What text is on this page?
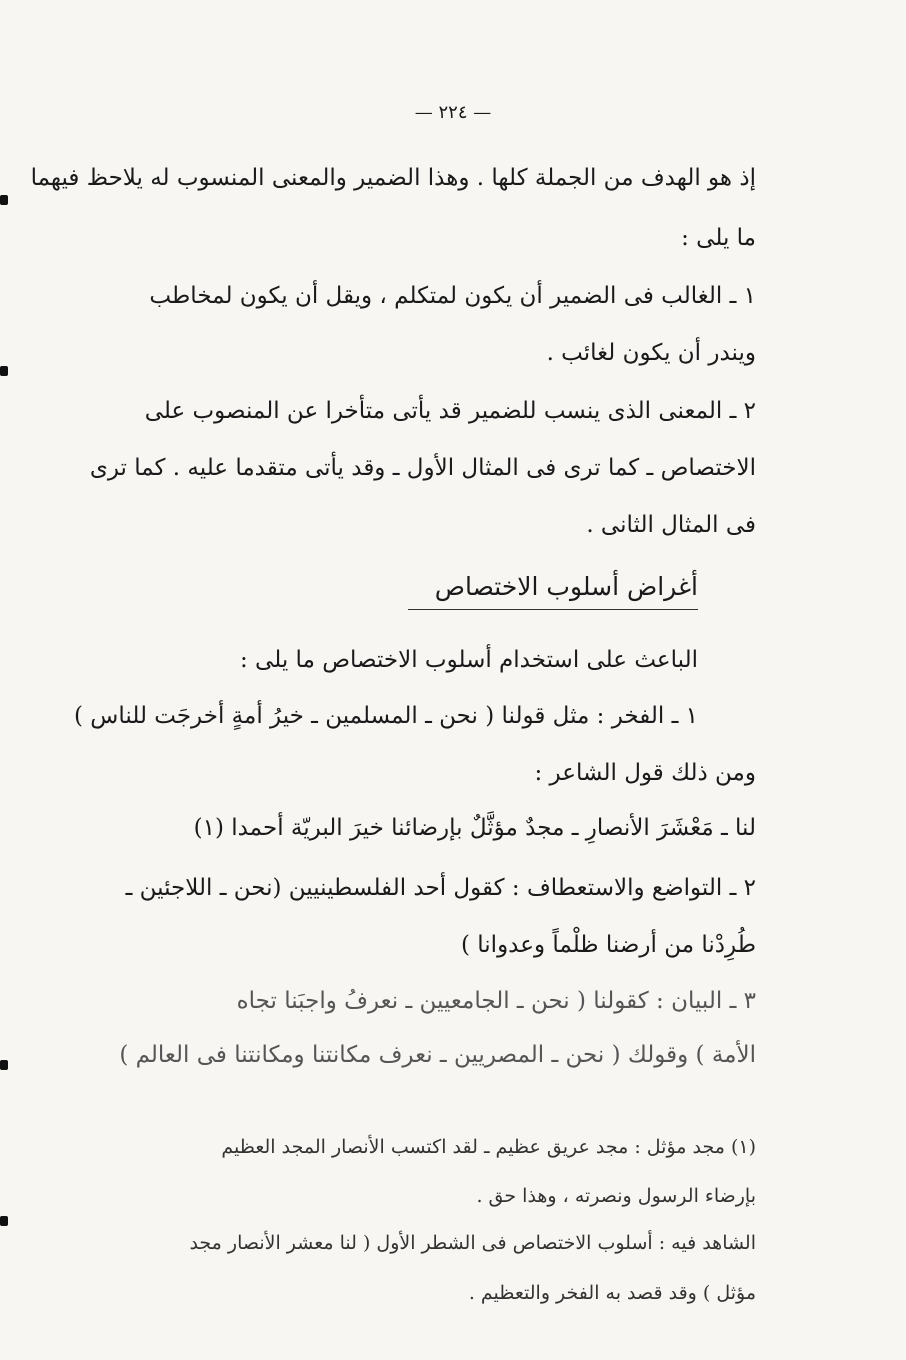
— ٢٢٤ —
إذ هو الهدف من الجملة كلها . وهذا الضمير والمعنى المنسوب له يلاحظ فيهما
ما يلى :
١ ـ الغالب فى الضمير أن يكون لمتكلم ، ويقل أن يكون لمخاطب
ويندر أن يكون لغائب .
٢ ـ المعنى الذى ينسب للضمير قد يأتى متأخرا عن المنصوب على
الاختصاص ـ كما ترى فى المثال الأول ـ وقد يأتى متقدما عليه . كما ترى
فى المثال الثانى .
أغراض أسلوب الاختصاص
الباعث على استخدام أسلوب الاختصاص ما يلى :
١ ـ الفخر : مثل قولنا ( نحن ـ المسلمين ـ خيرُ أمةٍ أخرجَت للناس )
ومن ذلك قول الشاعر :
لنا ـ مَعْشَرَ الأنصارِ ـ مجدٌ مؤثَّلٌ بإرضائنا خيرَ البريّة أحمدا (١)
٢ ـ التواضع والاستعطاف : كقول أحد الفلسطينيين (نحن ـ اللاجئين ـ
طُرِدْنا من أرضنا ظلْماً وعدوانا )
٣ ـ البيان : كقولنا ( نحن ـ الجامعيين ـ نعرفُ واجبَنا تجاه
الأمة ) وقولك ( نحن ـ المصريين ـ نعرف مكانتنا ومكانتنا فى العالم )
(١) مجد مؤثل : مجد عريق عظيم ـ لقد اكتسب الأنصار المجد العظيم
بإرضاء الرسول ونصرته ، وهذا حق .
الشاهد فيه : أسلوب الاختصاص فى الشطر الأول ( لنا معشر الأنصار مجد
مؤثل ) وقد قصد به الفخر والتعظيم .
